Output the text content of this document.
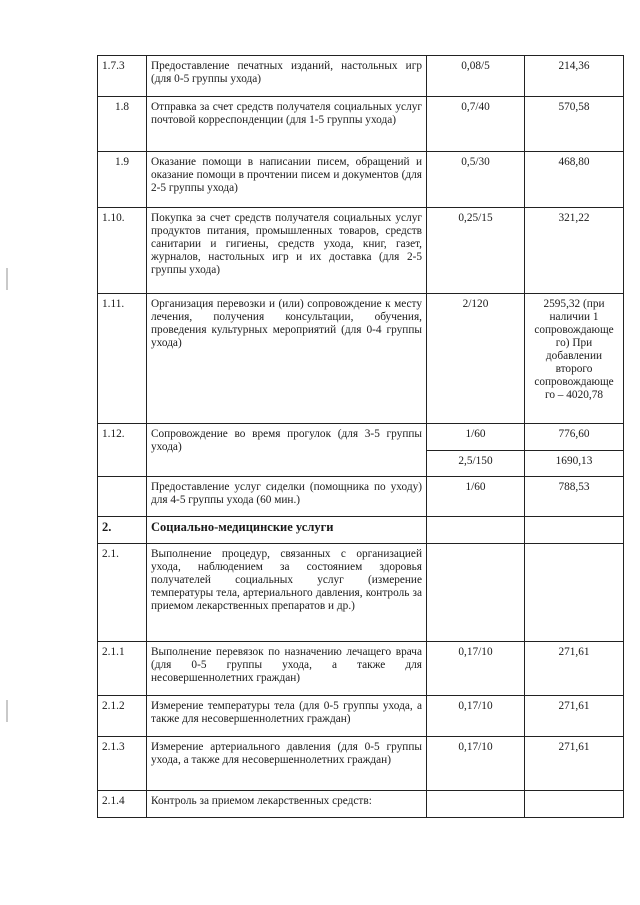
1.7.3	Предоставление печатных изданий, настольных игр (для 0-5 группы ухода)	0,08/5	214,36
1.8	Отправка за счет средств получателя социальных услуг почтовой корреспонденции (для 1-5 группы ухода)	0,7/40	570,58
1.9	Оказание помощи в написании писем, обращений и оказание помощи в прочтении писем и документов (для 2-5 группы ухода)	0,5/30	468,80
1.10.	Покупка за счет средств получателя социальных услуг продуктов питания, промышленных товаров, средств санитарии и гигиены, средств ухода, книг, газет, журналов, настольных игр и их доставка (для 2-5 группы ухода)	0,25/15	321,22
1.11.	Организация перевозки и (или) сопровождение к месту лечения, получения консультации, обучения, проведения культурных мероприятий (для 0-4 группы ухода)	2/120	2595,32 (при наличии 1 сопровождающе го) При добавлении второго сопровождающе го – 4020,78
1.12.	Сопровождение во время прогулок (для 3-5 группы ухода)	1/60	776,60
		2,5/150	1690,13
	Предоставление услуг сиделки (помощника по уходу) для 4-5 группы ухода (60 мин.)	1/60	788,53
2.	Социально-медицинские услуги		
2.1.	Выполнение процедур, связанных с организацией ухода, наблюдением за состоянием здоровья получателей социальных услуг (измерение температуры тела, артериального давления, контроль за приемом лекарственных препаратов и др.)		
2.1.1	Выполнение перевязок по назначению лечащего врача (для 0-5 группы ухода, а также для несовершеннолетних граждан)	0,17/10	271,61
2.1.2	Измерение температуры тела (для 0-5 группы ухода, а также для несовершеннолетних граждан)	0,17/10	271,61
2.1.3	Измерение артериального давления (для 0-5 группы ухода, а также для несовершеннолетних граждан)	0,17/10	271,61
2.1.4	Контроль за приемом лекарственных средств:		
